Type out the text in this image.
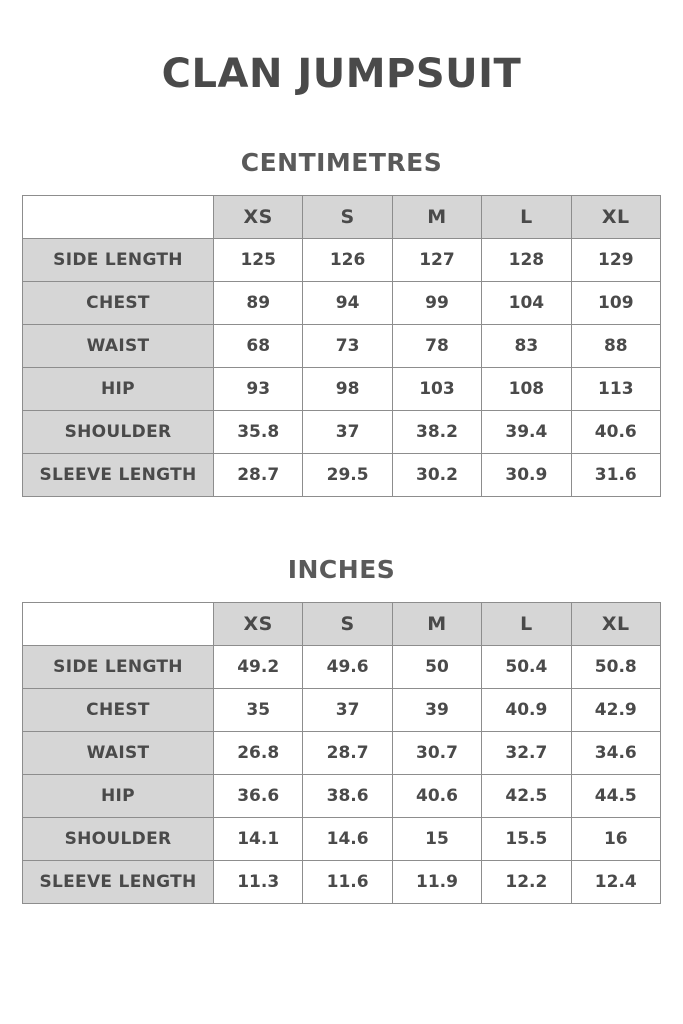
CLAN JUMPSUIT
CENTIMETRES
	XS	S	M	L	XL
SIDE LENGTH	125	126	127	128	129
CHEST	89	94	99	104	109
WAIST	68	73	78	83	88
HIP	93	98	103	108	113
SHOULDER	35.8	37	38.2	39.4	40.6
SLEEVE LENGTH	28.7	29.5	30.2	30.9	31.6
INCHES
	XS	S	M	L	XL
SIDE LENGTH	49.2	49.6	50	50.4	50.8
CHEST	35	37	39	40.9	42.9
WAIST	26.8	28.7	30.7	32.7	34.6
HIP	36.6	38.6	40.6	42.5	44.5
SHOULDER	14.1	14.6	15	15.5	16
SLEEVE LENGTH	11.3	11.6	11.9	12.2	12.4
